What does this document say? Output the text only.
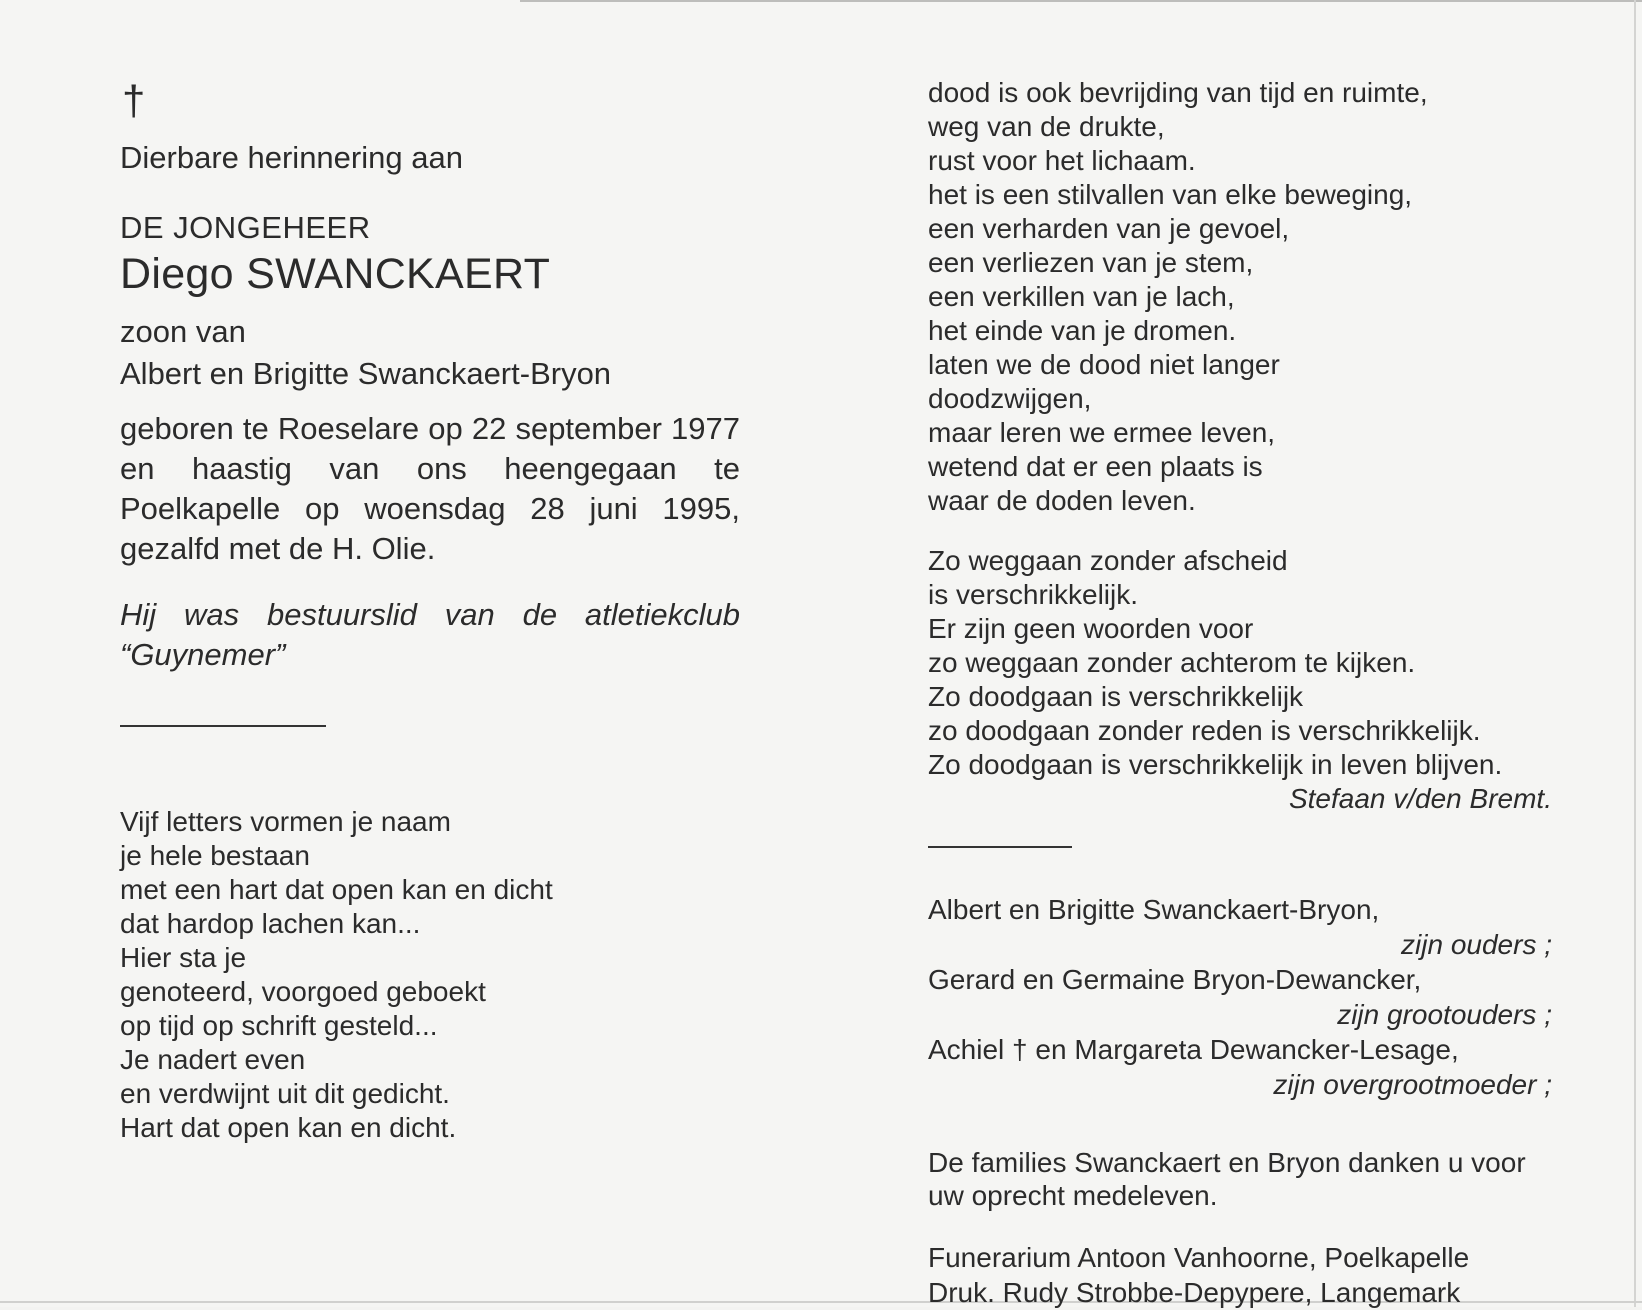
†
Dierbare herinnering aan
DE JONGEHEER
Diego SWANCKAERT
zoon van
Albert en Brigitte Swanckaert-Bryon
geboren te Roeselare op 22 september 1977 en haastig van ons heengegaan te Poelkapelle op woensdag 28 juni 1995, gezalfd met de H. Olie.
Hij was bestuurslid van de atletiekclub “Guynemer”
Vijf letters vormen je naam
je hele bestaan
met een hart dat open kan en dicht
dat hardop lachen kan...
Hier sta je
genoteerd, voorgoed geboekt
op tijd op schrift gesteld...
Je nadert even
en verdwijnt uit dit gedicht.
Hart dat open kan en dicht.
dood is ook bevrijding van tijd en ruimte,
weg van de drukte,
rust voor het lichaam.
het is een stilvallen van elke beweging,
een verharden van je gevoel,
een verliezen van je stem,
een verkillen van je lach,
het einde van je dromen.
laten we de dood niet langer
doodzwijgen,
maar leren we ermee leven,
wetend dat er een plaats is
waar de doden leven.
Zo weggaan zonder afscheid
is verschrikkelijk.
Er zijn geen woorden voor
zo weggaan zonder achterom te kijken.
Zo doodgaan is verschrikkelijk
zo doodgaan zonder reden is verschrikkelijk.
Zo doodgaan is verschrikkelijk in leven blijven.
Stefaan v/den Bremt.
Albert en Brigitte Swanckaert-Bryon,
zijn ouders ;
Gerard en Germaine Bryon-Dewancker,
zijn grootouders ;
Achiel † en Margareta Dewancker-Lesage,
zijn overgrootmoeder ;
De families Swanckaert en Bryon danken u voor uw oprecht medeleven.
Funerarium Antoon Vanhoorne, Poelkapelle
Druk. Rudy Strobbe-Depypere, Langemark
